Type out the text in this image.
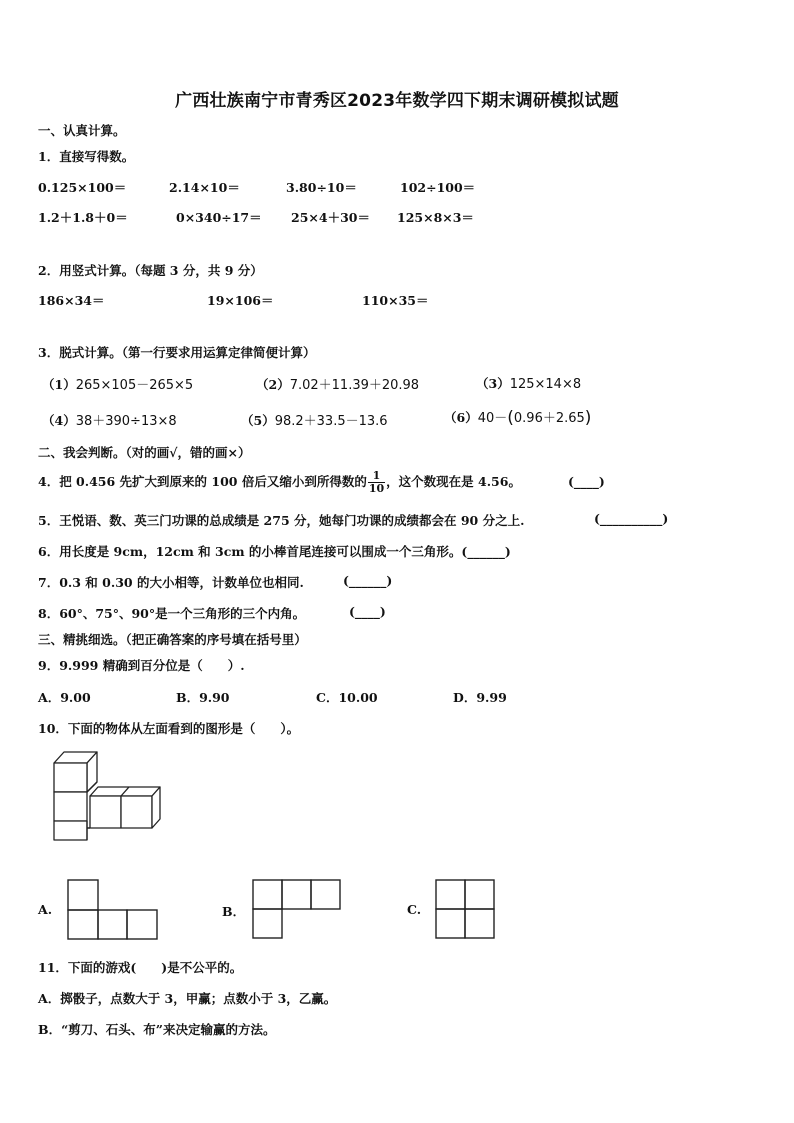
广西壮族南宁市青秀区2023年数学四下期末调研模拟试题
一、认真计算。
1．直接写得数。
0.125×100＝	2.14×10＝	3.80÷10＝	102÷100＝
1.2＋1.8＋0＝	0×340÷17＝ 25×4＋30＝ 125×8×3＝
2．用竖式计算。（每题 3 分，共 9 分）
186×34＝	19×106＝	110×35＝
3．脱式计算。（第一行要求用运算定律简便计算）
（1）265×105－265×5	（2）7.02＋11.39＋20.98	（3）125×14×8
（4）38＋390÷13×8	（5）98.2＋33.5－13.6	（6）40－(0.96＋2.65)
二、我会判断。（对的画√，错的画×）
4．把 0.456 先扩大到原来的 100 倍后又缩小到所得数的 $\frac{1}{10}$ ，这个数现在是 4.56。	(____)
5．王悦语、数、英三门功课的总成绩是 275 分，她每门功课的成绩都会在 90 分之上.	(__________)
6．用长度是 9cm，12cm 和 3cm 的小棒首尾连接可以围成一个三角形。(______)
7．0.3 和 0.30 的大小相等，计数单位也相同.	(______)
8．60°、75°、90°是一个三角形的三个内角。	(____)
三、精挑细选。（把正确答案的序号填在括号里）
9．9.999 精确到百分位是（　　）.
A．9.00	B．9.90	C．10.00	D．9.99
10．下面的物体从左面看到的图形是（　　）。
A.	B．	C.
11．下面的游戏(　　)是不公平的。
A．掷骰子，点数大于 3，甲赢；点数小于 3，乙赢。
B．“剪刀、石头、布”来决定输赢的方法。
